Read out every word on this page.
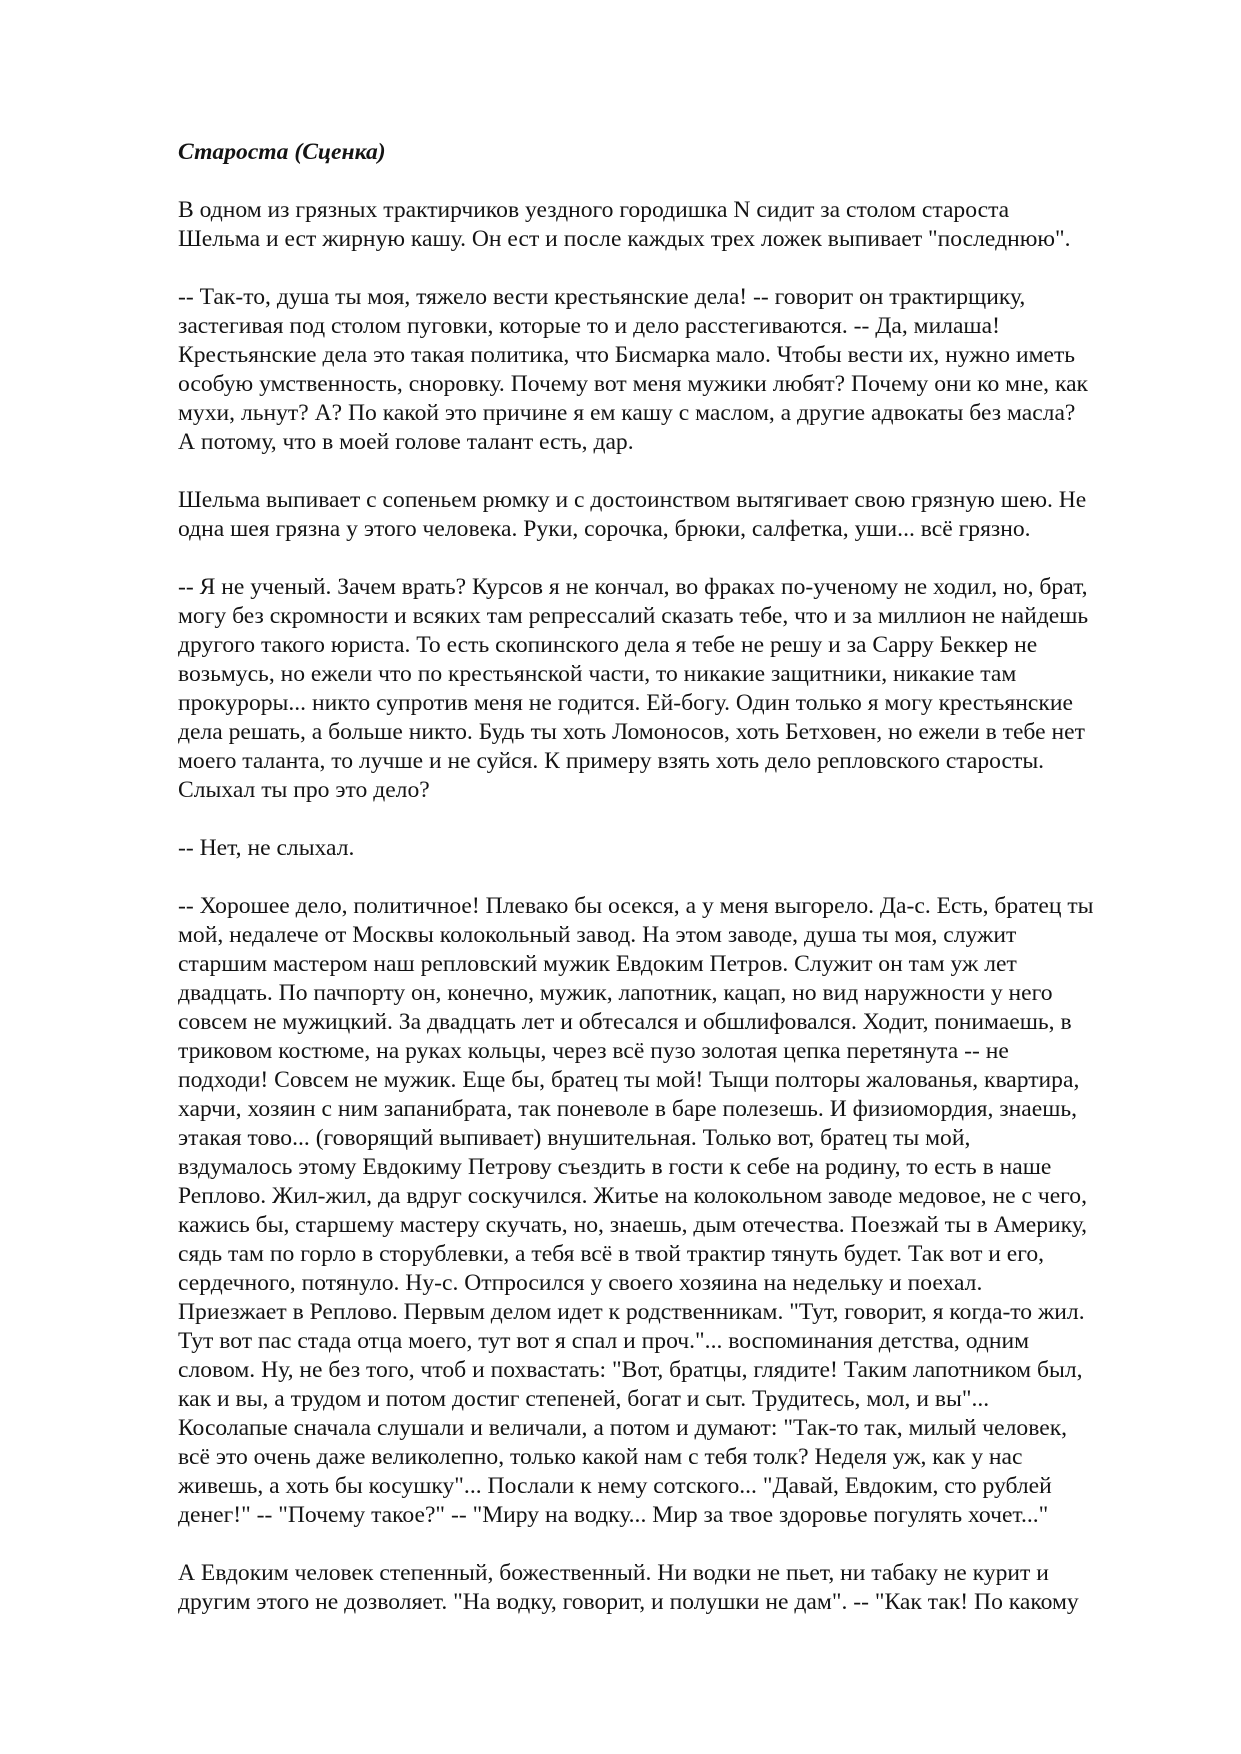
Староста (Сценка)
В одном из грязных трактирчиков уездного городишка N сидит за столом староста
Шельма и ест жирную кашу. Он ест и после каждых трех ложек выпивает "последнюю".
-- Так-то, душа ты моя, тяжело вести крестьянские дела! -- говорит он трактирщику,
застегивая под столом пуговки, которые то и дело расстегиваются. -- Да, милаша!
Крестьянские дела это такая политика, что Бисмарка мало. Чтобы вести их, нужно иметь
особую умственность, сноровку. Почему вот меня мужики любят? Почему они ко мне, как
мухи, льнут? А? По какой это причине я ем кашу с маслом, а другие адвокаты без масла?
А потому, что в моей голове талант есть, дар.
Шельма выпивает с сопеньем рюмку и с достоинством вытягивает свою грязную шею. Не
одна шея грязна у этого человека. Руки, сорочка, брюки, салфетка, уши... всё грязно.
-- Я не ученый. Зачем врать? Курсов я не кончал, во фраках по-ученому не ходил, но, брат,
могу без скромности и всяких там репрессалий сказать тебе, что и за миллион не найдешь
другого такого юриста. То есть скопинского дела я тебе не решу и за Сарру Беккер не
возьмусь, но ежели что по крестьянской части, то никакие защитники, никакие там
прокуроры... никто супротив меня не годится. Ей-богу. Один только я могу крестьянские
дела решать, а больше никто. Будь ты хоть Ломоносов, хоть Бетховен, но ежели в тебе нет
моего таланта, то лучше и не суйся. К примеру взять хоть дело репловского старосты.
Слыхал ты про это дело?
-- Нет, не слыхал.
-- Хорошее дело, политичное! Плевако бы осекся, а у меня выгорело. Да-с. Есть, братец ты
мой, недалече от Москвы колокольный завод. На этом заводе, душа ты моя, служит
старшим мастером наш репловский мужик Евдоким Петров. Служит он там уж лет
двадцать. По пачпорту он, конечно, мужик, лапотник, кацап, но вид наружности у него
совсем не мужицкий. За двадцать лет и обтесался и обшлифовался. Ходит, понимаешь, в
триковом костюме, на руках кольцы, через всё пузо золотая цепка перетянута -- не
подходи! Совсем не мужик. Еще бы, братец ты мой! Тыщи полторы жалованья, квартира,
харчи, хозяин с ним запанибрата, так поневоле в баре полезешь. И физиомордия, знаешь,
этакая тово... (говорящий выпивает) внушительная. Только вот, братец ты мой,
вздумалось этому Евдокиму Петрову съездить в гости к себе на родину, то есть в наше
Реплово. Жил-жил, да вдруг соскучился. Житье на колокольном заводе медовое, не с чего,
кажись бы, старшему мастеру скучать, но, знаешь, дым отечества. Поезжай ты в Америку,
сядь там по горло в сторублевки, а тебя всё в твой трактир тянуть будет. Так вот и его,
сердечного, потянуло. Ну-с. Отпросился у своего хозяина на недельку и поехал.
Приезжает в Реплово. Первым делом идет к родственникам. "Тут, говорит, я когда-то жил.
Тут вот пас стада отца моего, тут вот я спал и проч."... воспоминания детства, одним
словом. Ну, не без того, чтоб и похвастать: "Вот, братцы, глядите! Таким лапотником был,
как и вы, а трудом и потом достиг степеней, богат и сыт. Трудитесь, мол, и вы"...
Косолапые сначала слушали и величали, а потом и думают: "Так-то так, милый человек,
всё это очень даже великолепно, только какой нам с тебя толк? Неделя уж, как у нас
живешь, а хоть бы косушку"... Послали к нему сотского... "Давай, Евдоким, сто рублей
денег!" -- "Почему такое?" -- "Миру на водку... Мир за твое здоровье погулять хочет..."
А Евдоким человек степенный, божественный. Ни водки не пьет, ни табаку не курит и
другим этого не дозволяет. "На водку, говорит, и полушки не дам". -- "Как так! По какому
